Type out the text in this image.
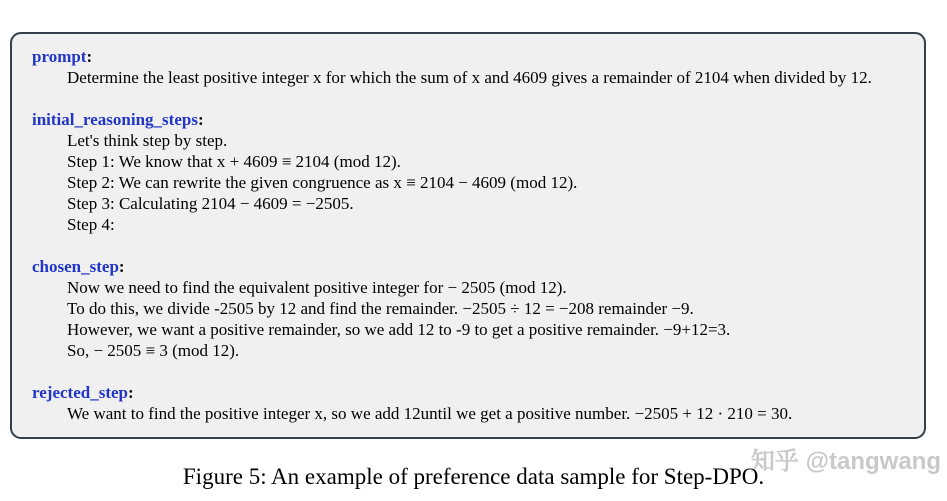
prompt:
Determine the least positive integer x for which the sum of x and 4609 gives a remainder of 2104 when divided by 12.
initial_reasoning_steps:
Let's think step by step.
Step 1: We know that x + 4609 ≡ 2104 (mod 12).
Step 2: We can rewrite the given congruence as x ≡ 2104 − 4609 (mod 12).
Step 3: Calculating 2104 − 4609 = −2505.
Step 4:
chosen_step:
Now we need to find the equivalent positive integer for − 2505 (mod 12).
To do this, we divide -2505 by 12 and find the remainder. −2505 ÷ 12 = −208 remainder −9.
However, we want a positive remainder, so we add 12 to -9 to get a positive remainder. −9+12=3.
So, − 2505 ≡ 3 (mod 12).
rejected_step:
We want to find the positive integer x, so we add 12until we get a positive number. −2505 + 12 · 210 = 30.
知乎 @tangwang
Figure 5: An example of preference data sample for Step-DPO.
